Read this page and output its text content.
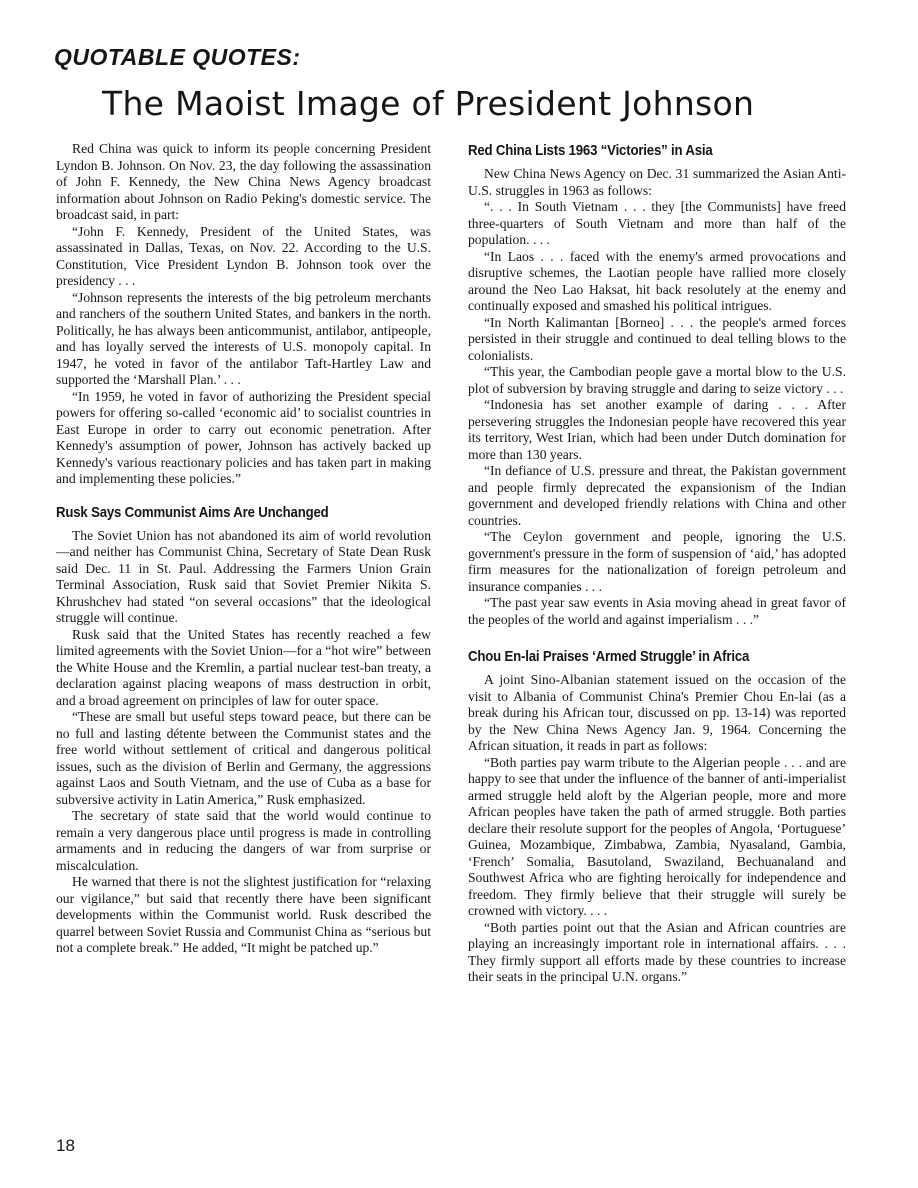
QUOTABLE QUOTES:
The Maoist Image of President Johnson

Red China was quick to inform its people concerning President Lyndon B. Johnson. On Nov. 23, the day following the assassination of John F. Kennedy, the New China News Agency broadcast information about Johnson on Radio Peking's domestic service. The broadcast said, in part:

“John F. Kennedy, President of the United States, was assassinated in Dallas, Texas, on Nov. 22. According to the U.S. Constitution, Vice President Lyndon B. Johnson took over the presidency . . .

“Johnson represents the interests of the big petroleum merchants and ranchers of the southern United States, and bankers in the north. Politically, he has always been anticommunist, antilabor, antipeople, and has loyally served the interests of U.S. monopoly capital. In 1947, he voted in favor of the antilabor Taft-Hartley Law and supported the ‘Marshall Plan.’ . . .

“In 1959, he voted in favor of authorizing the President special powers for offering so-called ‘economic aid’ to socialist countries in East Europe in order to carry out economic penetration. After Kennedy's assumption of power, Johnson has actively backed up Kennedy's various reactionary policies and has taken part in making and implementing these policies.”

Rusk Says Communist Aims Are Unchanged

The Soviet Union has not abandoned its aim of world revolution—and neither has Communist China, Secretary of State Dean Rusk said Dec. 11 in St. Paul. Addressing the Farmers Union Grain Terminal Association, Rusk said that Soviet Premier Nikita S. Khrushchev had stated “on several occasions” that the ideological struggle will continue.

Rusk said that the United States has recently reached a few limited agreements with the Soviet Union—for a “hot wire” between the White House and the Kremlin, a partial nuclear test-ban treaty, a declaration against placing weapons of mass destruction in orbit, and a broad agreement on principles of law for outer space.

“These are small but useful steps toward peace, but there can be no full and lasting détente between the Communist states and the free world without settlement of critical and dangerous political issues, such as the division of Berlin and Germany, the aggressions against Laos and South Vietnam, and the use of Cuba as a base for subversive activity in Latin America,” Rusk emphasized.

The secretary of state said that the world would continue to remain a very dangerous place until progress is made in controlling armaments and in reducing the dangers of war from surprise or miscalculation.

He warned that there is not the slightest justification for “relaxing our vigilance,” but said that recently there have been significant developments within the Communist world. Rusk described the quarrel between Soviet Russia and Communist China as “serious but not a complete break.” He added, “It might be patched up.”

Red China Lists 1963 “Victories” in Asia

New China News Agency on Dec. 31 summarized the Asian Anti-U.S. struggles in 1963 as follows:

“. . . In South Vietnam . . . they [the Communists] have freed three-quarters of South Vietnam and more than half of the population. . . .

“In Laos . . . faced with the enemy's armed provocations and disruptive schemes, the Laotian people have rallied more closely around the Neo Lao Haksat, hit back resolutely at the enemy and continually exposed and smashed his political intrigues.

“In North Kalimantan [Borneo] . . . the people's armed forces persisted in their struggle and continued to deal telling blows to the colonialists.

“This year, the Cambodian people gave a mortal blow to the U.S. plot of subversion by braving struggle and daring to seize victory . . .

“Indonesia has set another example of daring . . . After persevering struggles the Indonesian people have recovered this year its territory, West Irian, which had been under Dutch domination for more than 130 years.

“In defiance of U.S. pressure and threat, the Pakistan government and people firmly deprecated the expansionism of the Indian government and developed friendly relations with China and other countries.

“The Ceylon government and people, ignoring the U.S. government's pressure in the form of suspension of ‘aid,’ has adopted firm measures for the nationalization of foreign petroleum and insurance companies . . .

“The past year saw events in Asia moving ahead in great favor of the peoples of the world and against imperialism . . .”

Chou En-lai Praises ‘Armed Struggle’ in Africa

A joint Sino-Albanian statement issued on the occasion of the visit to Albania of Communist China's Premier Chou En-lai (as a break during his African tour, discussed on pp. 13-14) was reported by the New China News Agency Jan. 9, 1964. Concerning the African situation, it reads in part as follows:

“Both parties pay warm tribute to the Algerian people . . . and are happy to see that under the influence of the banner of anti-imperialist armed struggle held aloft by the Algerian people, more and more African peoples have taken the path of armed struggle. Both parties declare their resolute support for the peoples of Angola, ‘Portuguese’ Guinea, Mozambique, Zimbabwa, Zambia, Nyasaland, Gambia, ‘French’ Somalia, Basutoland, Swaziland, Bechuanaland and Southwest Africa who are fighting heroically for independence and freedom. They firmly believe that their struggle will surely be crowned with victory. . . .

“Both parties point out that the Asian and African countries are playing an increasingly important role in international affairs. . . . They firmly support all efforts made by these countries to increase their seats in the principal U.N. organs.”

18
